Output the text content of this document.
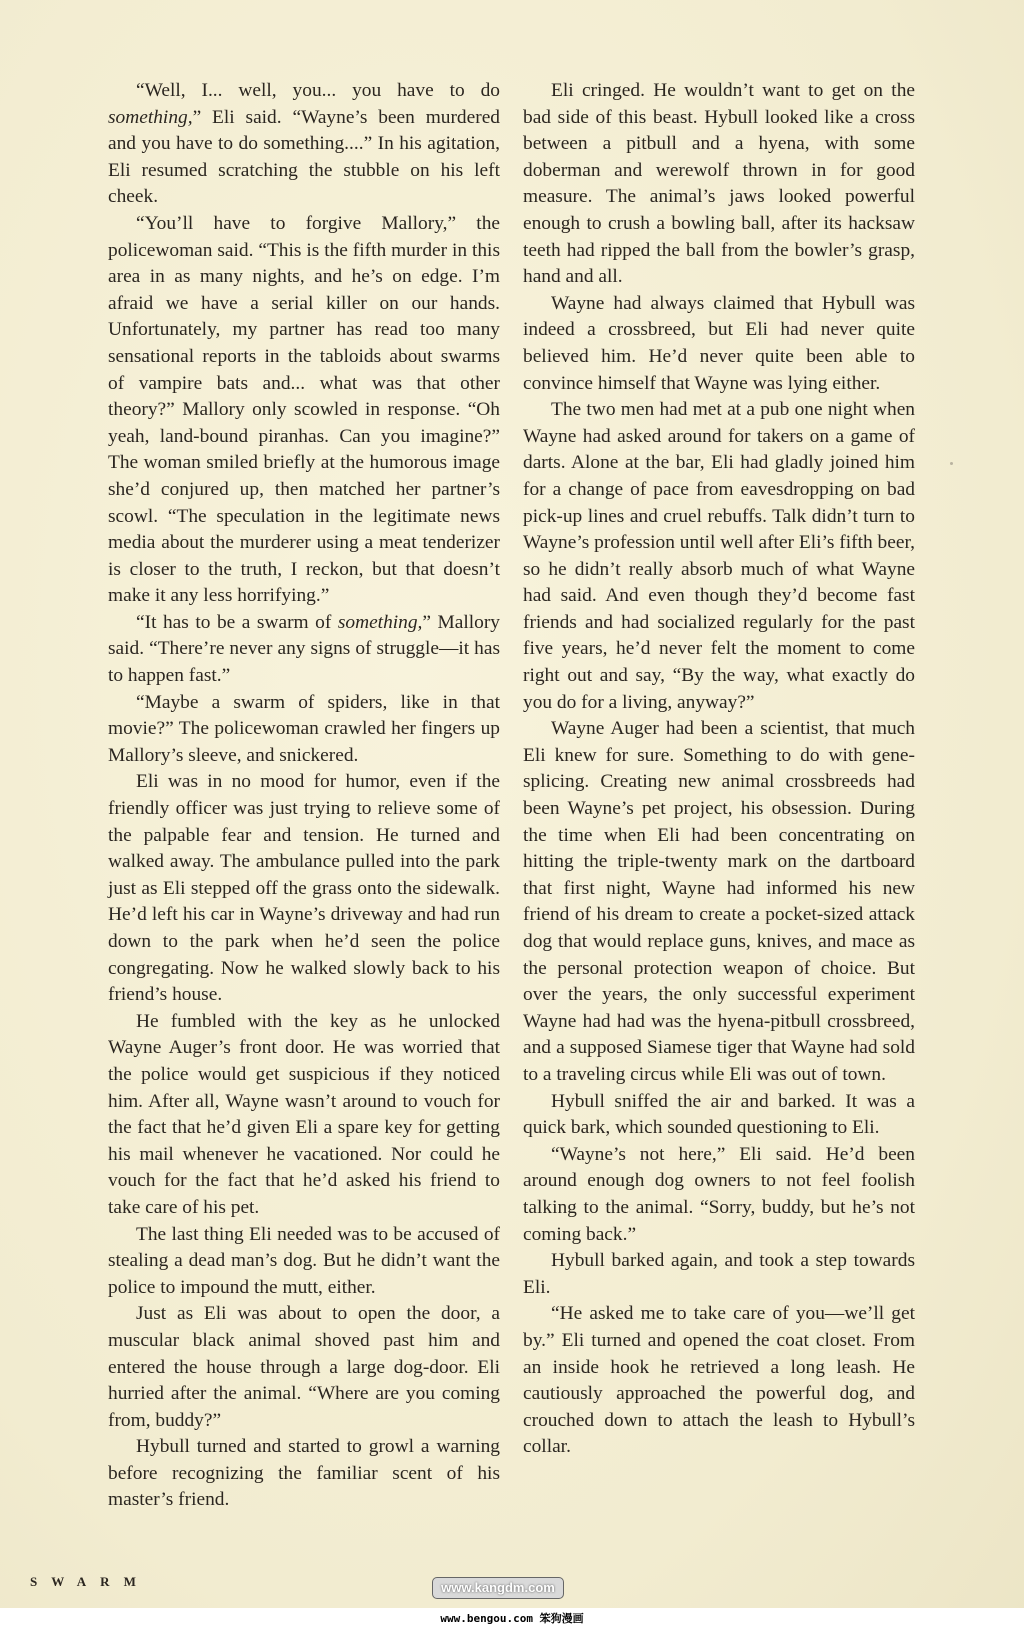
“Well, I... well, you... you have to do something,” Eli said. “Wayne’s been murdered and you have to do something....” In his agitation, Eli resumed scratching the stubble on his left cheek.

“You’ll have to forgive Mallory,” the policewoman said. “This is the fifth murder in this area in as many nights, and he’s on edge. I’m afraid we have a serial killer on our hands. Unfortunately, my partner has read too many sensational reports in the tabloids about swarms of vampire bats and... what was that other theory?” Mallory only scowled in response. “Oh yeah, land-bound piranhas. Can you imagine?” The woman smiled briefly at the humorous image she’d conjured up, then matched her partner’s scowl. “The speculation in the legitimate news media about the murderer using a meat tenderizer is closer to the truth, I reckon, but that doesn’t make it any less horrifying.”

“It has to be a swarm of something,” Mallory said. “There’re never any signs of struggle—it has to happen fast.”

“Maybe a swarm of spiders, like in that movie?” The policewoman crawled her fingers up Mallory’s sleeve, and snickered.

Eli was in no mood for humor, even if the friendly officer was just trying to relieve some of the palpable fear and tension. He turned and walked away. The ambulance pulled into the park just as Eli stepped off the grass onto the sidewalk. He’d left his car in Wayne’s driveway and had run down to the park when he’d seen the police congregating. Now he walked slowly back to his friend’s house.

He fumbled with the key as he unlocked Wayne Auger’s front door. He was worried that the police would get suspicious if they noticed him. After all, Wayne wasn’t around to vouch for the fact that he’d given Eli a spare key for getting his mail whenever he vacationed. Nor could he vouch for the fact that he’d asked his friend to take care of his pet.

The last thing Eli needed was to be accused of stealing a dead man’s dog. But he didn’t want the police to impound the mutt, either.

Just as Eli was about to open the door, a muscular black animal shoved past him and entered the house through a large dog-door. Eli hurried after the animal. “Where are you coming from, buddy?”

Hybull turned and started to growl a warning before recognizing the familiar scent of his master’s friend.

Eli cringed. He wouldn’t want to get on the bad side of this beast. Hybull looked like a cross between a pitbull and a hyena, with some doberman and werewolf thrown in for good measure. The animal’s jaws looked powerful enough to crush a bowling ball, after its hacksaw teeth had ripped the ball from the bowler’s grasp, hand and all.

Wayne had always claimed that Hybull was indeed a crossbreed, but Eli had never quite believed him. He’d never quite been able to convince himself that Wayne was lying either.

The two men had met at a pub one night when Wayne had asked around for takers on a game of darts. Alone at the bar, Eli had gladly joined him for a change of pace from eavesdropping on bad pick-up lines and cruel rebuffs. Talk didn’t turn to Wayne’s profession until well after Eli’s fifth beer, so he didn’t really absorb much of what Wayne had said. And even though they’d become fast friends and had socialized regularly for the past five years, he’d never felt the moment to come right out and say, “By the way, what exactly do you do for a living, anyway?”

Wayne Auger had been a scientist, that much Eli knew for sure. Something to do with gene-splicing. Creating new animal crossbreeds had been Wayne’s pet project, his obsession. During the time when Eli had been concentrating on hitting the triple-twenty mark on the dartboard that first night, Wayne had informed his new friend of his dream to create a pocket-sized attack dog that would replace guns, knives, and mace as the personal protection weapon of choice. But over the years, the only successful experiment Wayne had had was the hyena-pitbull crossbreed, and a supposed Siamese tiger that Wayne had sold to a traveling circus while Eli was out of town.

Hybull sniffed the air and barked. It was a quick bark, which sounded questioning to Eli.

“Wayne’s not here,” Eli said. He’d been around enough dog owners to not feel foolish talking to the animal. “Sorry, buddy, but he’s not coming back.”

Hybull barked again, and took a step towards Eli.

“He asked me to take care of you—we’ll get by.” Eli turned and opened the coat closet. From an inside hook he retrieved a long leash. He cautiously approached the powerful dog, and crouched down to attach the leash to Hybull’s collar.

SWARM	www.kangdm.com
www.bengou.com 笨狗漫画
